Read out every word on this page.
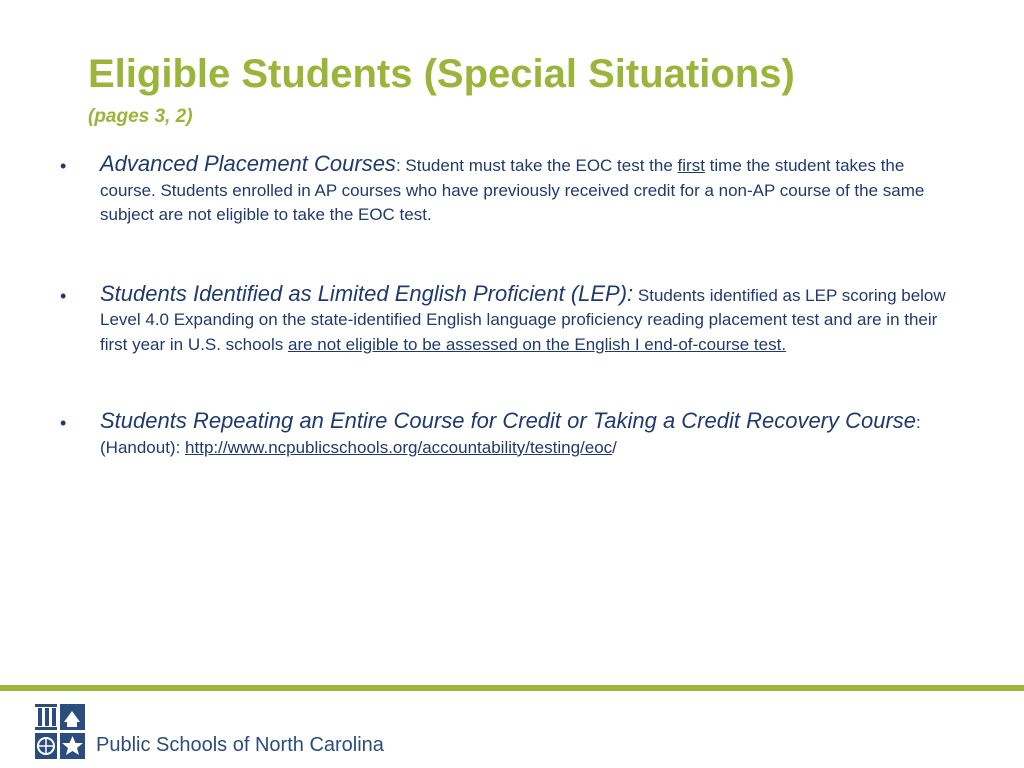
Eligible Students (Special Situations)
(pages 3, 2)
• Advanced Placement Courses: Student must take the EOC test the first time the student takes the course. Students enrolled in AP courses who have previously received credit for a non-AP course of the same subject are not eligible to take the EOC test.
• Students Identified as Limited English Proficient (LEP): Students identified as LEP scoring below Level 4.0 Expanding on the state-identified English language proficiency reading placement test and are in their first year in U.S. schools are not eligible to be assessed on the English I end-of-course test.
• Students Repeating an Entire Course for Credit or Taking a Credit Recovery Course: (Handout): http://www.ncpublicschools.org/accountability/testing/eoc/
Public Schools of North Carolina
